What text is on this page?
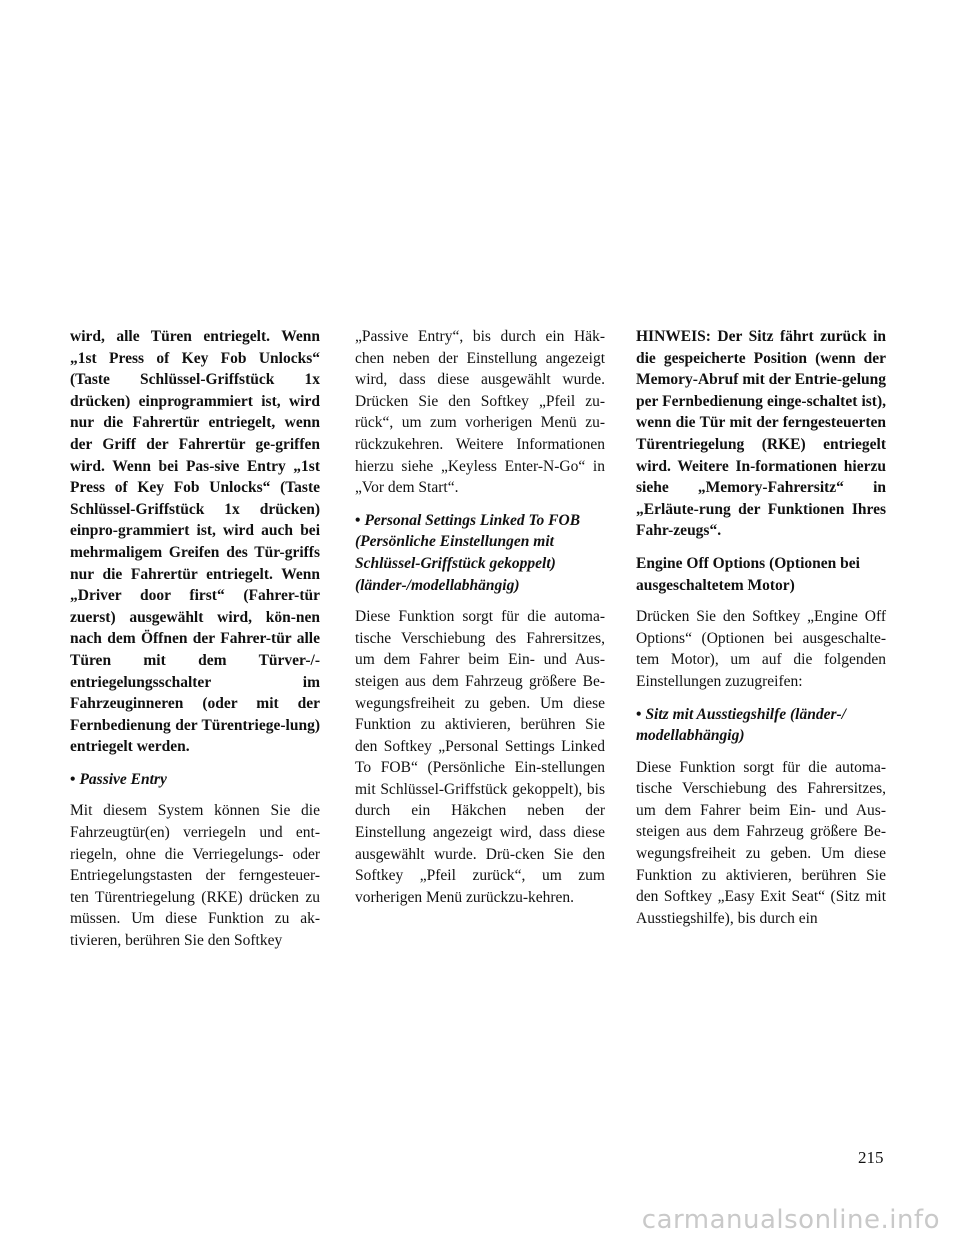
wird, alle Türen entriegelt. Wenn „1st Press of Key Fob Unlocks“ (Taste Schlüssel-Griffstück 1x drücken) einprogrammiert ist, wird nur die Fahrertür entriegelt, wenn der Griff der Fahrertür ge-griffen wird. Wenn bei Pas-sive Entry „1st Press of Key Fob Unlocks“ (Taste Schlüssel-Griffstück 1x drücken) einpro-grammiert ist, wird auch bei mehrmaligem Greifen des Tür-griffs nur die Fahrertür entriegelt. Wenn „Driver door first“ (Fahrer-tür zuerst) ausgewählt wird, kön-nen nach dem Öffnen der Fahrer-tür alle Türen mit dem Türver-/-entriegelungsschalter im Fahrzeuginneren (oder mit der Fernbedienung der Türentriege-lung) entriegelt werden.

• Passive Entry

Mit diesem System können Sie die Fahrzeugtür(en) verriegeln und ent-riegeln, ohne die Verriegelungs- oder Entriegelungstasten der ferngesteuer-ten Türentriegelung (RKE) drücken zu müssen. Um diese Funktion zu ak-tivieren, berühren Sie den Softkey

„Passive Entry“, bis durch ein Häk-chen neben der Einstellung angezeigt wird, dass diese ausgewählt wurde. Drücken Sie den Softkey „Pfeil zu-rück“, um zum vorherigen Menü zu-rückzukehren. Weitere Informationen hierzu siehe „Keyless Enter-N-Go“ in „Vor dem Start“.

• Personal Settings Linked To FOB (Persönliche Einstellungen mit Schlüssel-Griffstück gekoppelt) (länder-/modellabhängig)

Diese Funktion sorgt für die automa-tische Verschiebung des Fahrersitzes, um dem Fahrer beim Ein- und Aus-steigen aus dem Fahrzeug größere Be-wegungsfreiheit zu geben. Um diese Funktion zu aktivieren, berühren Sie den Softkey „Personal Settings Linked To FOB“ (Persönliche Ein-stellungen mit Schlüssel-Griffstück gekoppelt), bis durch ein Häkchen neben der Einstellung angezeigt wird, dass diese ausgewählt wurde. Drü-cken Sie den Softkey „Pfeil zurück“, um zum vorherigen Menü zurückzu-kehren.

HINWEIS: Der Sitz fährt zurück in die gespeicherte Position (wenn der Memory-Abruf mit der Entrie-gelung per Fernbedienung einge-schaltet ist), wenn die Tür mit der ferngesteuerten Türentriegelung (RKE) entriegelt wird. Weitere In-formationen hierzu siehe „Memory-Fahrersitz“ in „Erläute-rung der Funktionen Ihres Fahr-zeugs“.

Engine Off Options (Optionen bei ausgeschaltetem Motor)

Drücken Sie den Softkey „Engine Off Options“ (Optionen bei ausgeschalte-tem Motor), um auf die folgenden Einstellungen zuzugreifen:

• Sitz mit Ausstiegshilfe (länder-/ modellabhängig)

Diese Funktion sorgt für die automa-tische Verschiebung des Fahrersitzes, um dem Fahrer beim Ein- und Aus-steigen aus dem Fahrzeug größere Be-wegungsfreiheit zu geben. Um diese Funktion zu aktivieren, berühren Sie den Softkey „Easy Exit Seat“ (Sitz mit Ausstiegshilfe), bis durch ein

215
carmanualsonline.info
